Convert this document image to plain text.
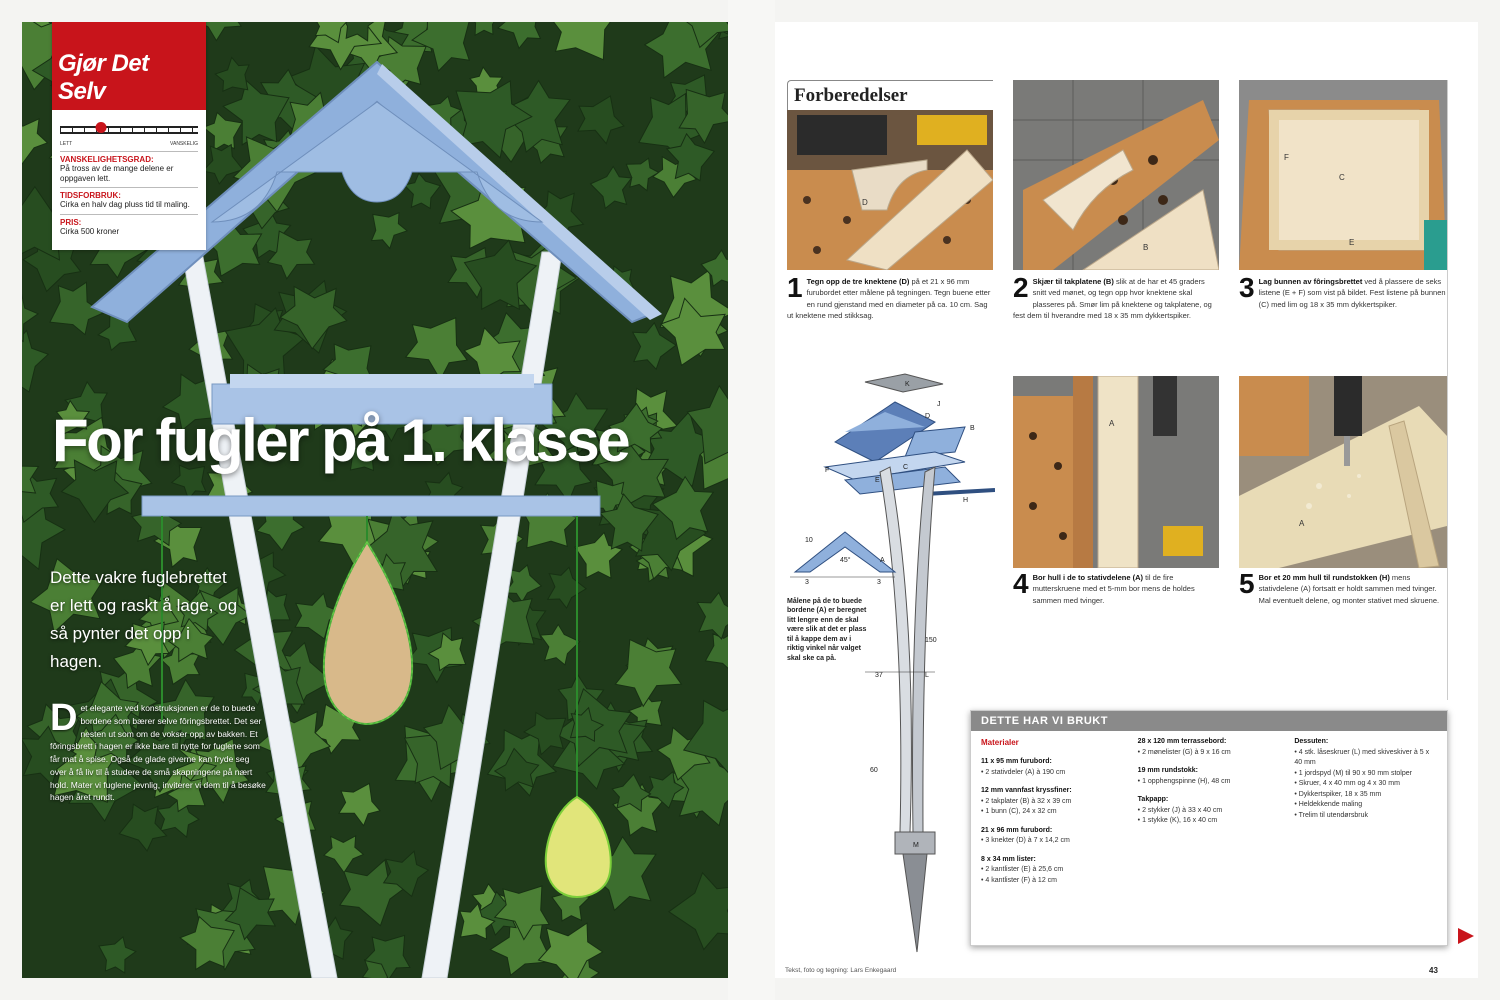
Gjør Det Selv
LETT	VANSKELIG
VANSKELIGHETSGRAD:
På tross av de mange delene er oppgaven lett.
TIDSFORBRUK:
Cirka en halv dag pluss tid til maling.
PRIS:
Cirka 500 kroner
For fugler på 1. klasse

Dette vakre fuglebrettet er lett og raskt å lage, og så pynter det opp i hagen.

Det elegante ved konstruksjonen er de to buede bordene som bærer selve fôringsbrettet. Det ser nesten ut som om de vokser opp av bakken. Et fôringsbrett i hagen er ikke bare til nytte for fuglene som får mat å spise. Også de glade giverne kan fryde seg over å få liv til å studere de små skapningene på nært hold. Mater vi fuglene jevnlig, inviterer vi dem til å besøke hagen året rundt.

Forberedelser
D
B
C
F
E
1 Tegn opp de tre knektene (D) på et 21 x 96 mm furubordet etter målene på tegningen. Tegn buene etter en rund gjenstand med en diameter på ca. 10 cm. Sag ut knektene med stikksag.
2 Skjær til takplatene (B) slik at de har et 45 graders snitt ved mønet, og tegn opp hvor knektene skal plasseres på. Smør lim på knektene og takplatene, og fest dem til hverandre med 18 x 35 mm dykkertspiker.
3 Lag bunnen av fôringsbrettet ved å plassere de seks listene (E + F) som vist på bildet. Fest listene på bunnen (C) med lim og 18 x 35 mm dykkertspiker.
A
A
4 Bor hull i de to stativdelene (A) til de fire mutterskruene med et 5-mm bor mens de holdes sammen med tvinger.
5 Bor et 20 mm hull til rundstokken (H) mens stativdelene (A) fortsatt er holdt sammen med tvinger. Mal eventuelt delene, og monter stativet med skruene.
K
J
B
D
C
F
E
A
H
L
M
150
60
37
10
3	3
45°

Målene på de to buede bordene (A) er beregnet litt lengre enn de skal være slik at det er plass til å kappe dem av i riktig vinkel når valget skal ske ca på.

DETTE HAR VI BRUKT
Materialer
11 x 95 mm furubord:
• 2 stativdeler (A) à 190 cm
12 mm vannfast kryssfiner:
• 2 takplater (B) à 32 x 39 cm
• 1 bunn (C), 24 x 32 cm
21 x 96 mm furubord:
• 3 knekter (D) à 7 x 14,2 cm
8 x 34 mm lister:
• 2 kantlister (E) à 25,6 cm
• 4 kantlister (F) à 12 cm
28 x 120 mm terrassebord:
• 2 mønelister (G) à 9 x 16 cm
19 mm rundstokk:
• 1 opphengspinne (H), 48 cm
Takpapp:
• 2 stykker (J) à 33 x 40 cm
• 1 stykke (K), 16 x 40 cm
Dessuten:
• 4 stk. låseskruer (L) med skiveskiver à 5 x 40 mm
• 1 jordspyd (M) til 90 x 90 mm stolper
• Skruer, 4 x 40 mm og 4 x 30 mm
• Dykkertspiker, 18 x 35 mm
• Heldekkende maling
• Trelim til utendørsbruk
Tekst, foto og tegning: Lars Enkegaard	43
